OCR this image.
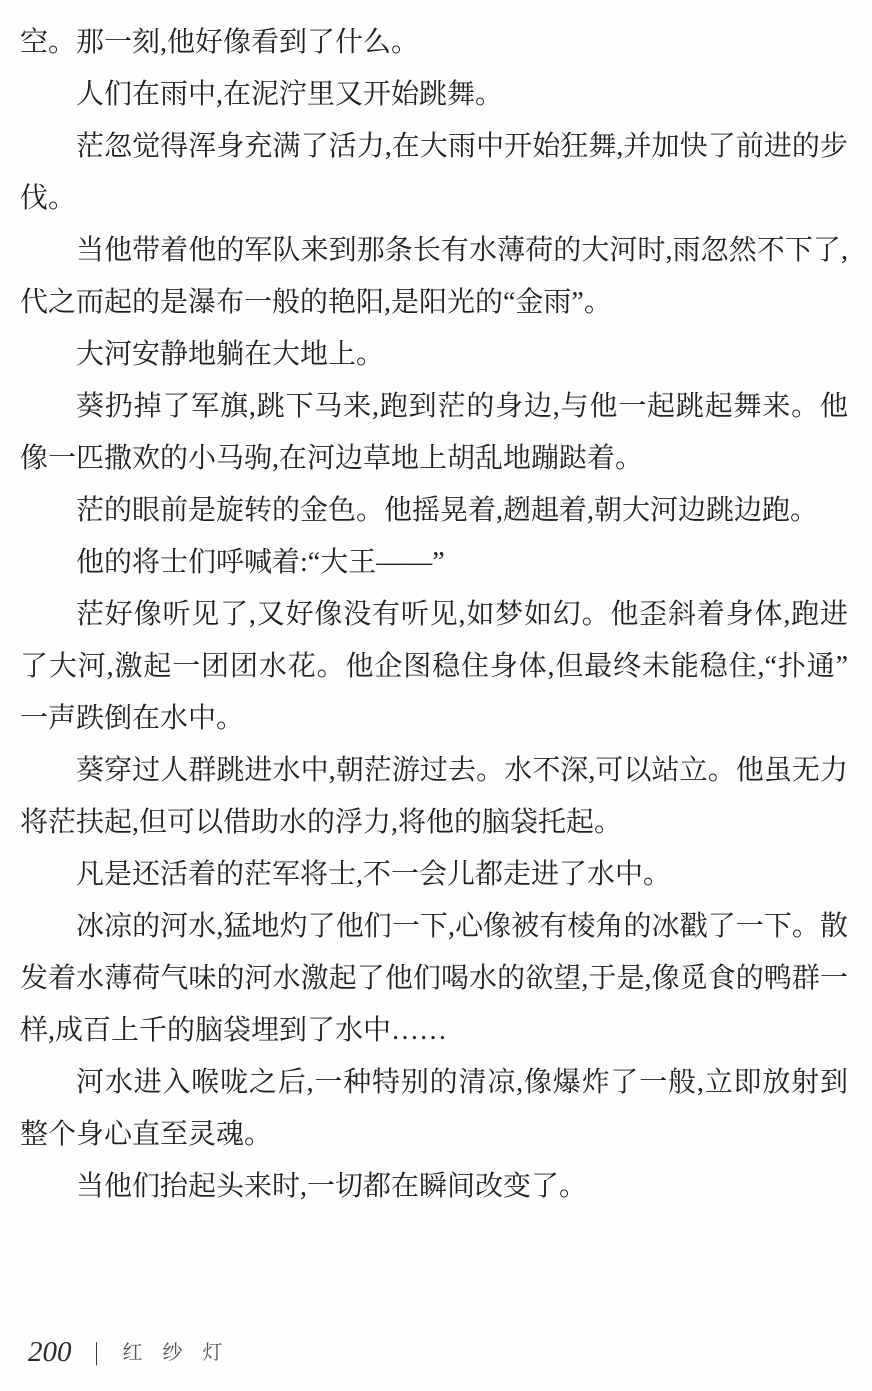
空。那一刻,他好像看到了什么。

人们在雨中,在泥泞里又开始跳舞。

茫忽觉得浑身充满了活力,在大雨中开始狂舞,并加快了前进的步伐。

当他带着他的军队来到那条长有水薄荷的大河时,雨忽然不下了,代之而起的是瀑布一般的艳阳,是阳光的“金雨”。

大河安静地躺在大地上。

葵扔掉了军旗,跳下马来,跑到茫的身边,与他一起跳起舞来。他像一匹撒欢的小马驹,在河边草地上胡乱地蹦跶着。

茫的眼前是旋转的金色。他摇晃着,趔趄着,朝大河边跳边跑。

他的将士们呼喊着:“大王——”

茫好像听见了,又好像没有听见,如梦如幻。他歪斜着身体,跑进了大河,激起一团团水花。他企图稳住身体,但最终未能稳住,“扑通”一声跌倒在水中。

葵穿过人群跳进水中,朝茫游过去。水不深,可以站立。他虽无力将茫扶起,但可以借助水的浮力,将他的脑袋托起。

凡是还活着的茫军将士,不一会儿都走进了水中。

冰凉的河水,猛地灼了他们一下,心像被有棱角的冰戳了一下。散发着水薄荷气味的河水激起了他们喝水的欲望,于是,像觅食的鸭群一样,成百上千的脑袋埋到了水中……

河水进入喉咙之后,一种特别的清凉,像爆炸了一般,立即放射到整个身心直至灵魂。

当他们抬起头来时,一切都在瞬间改变了。

200 | 红纱灯
